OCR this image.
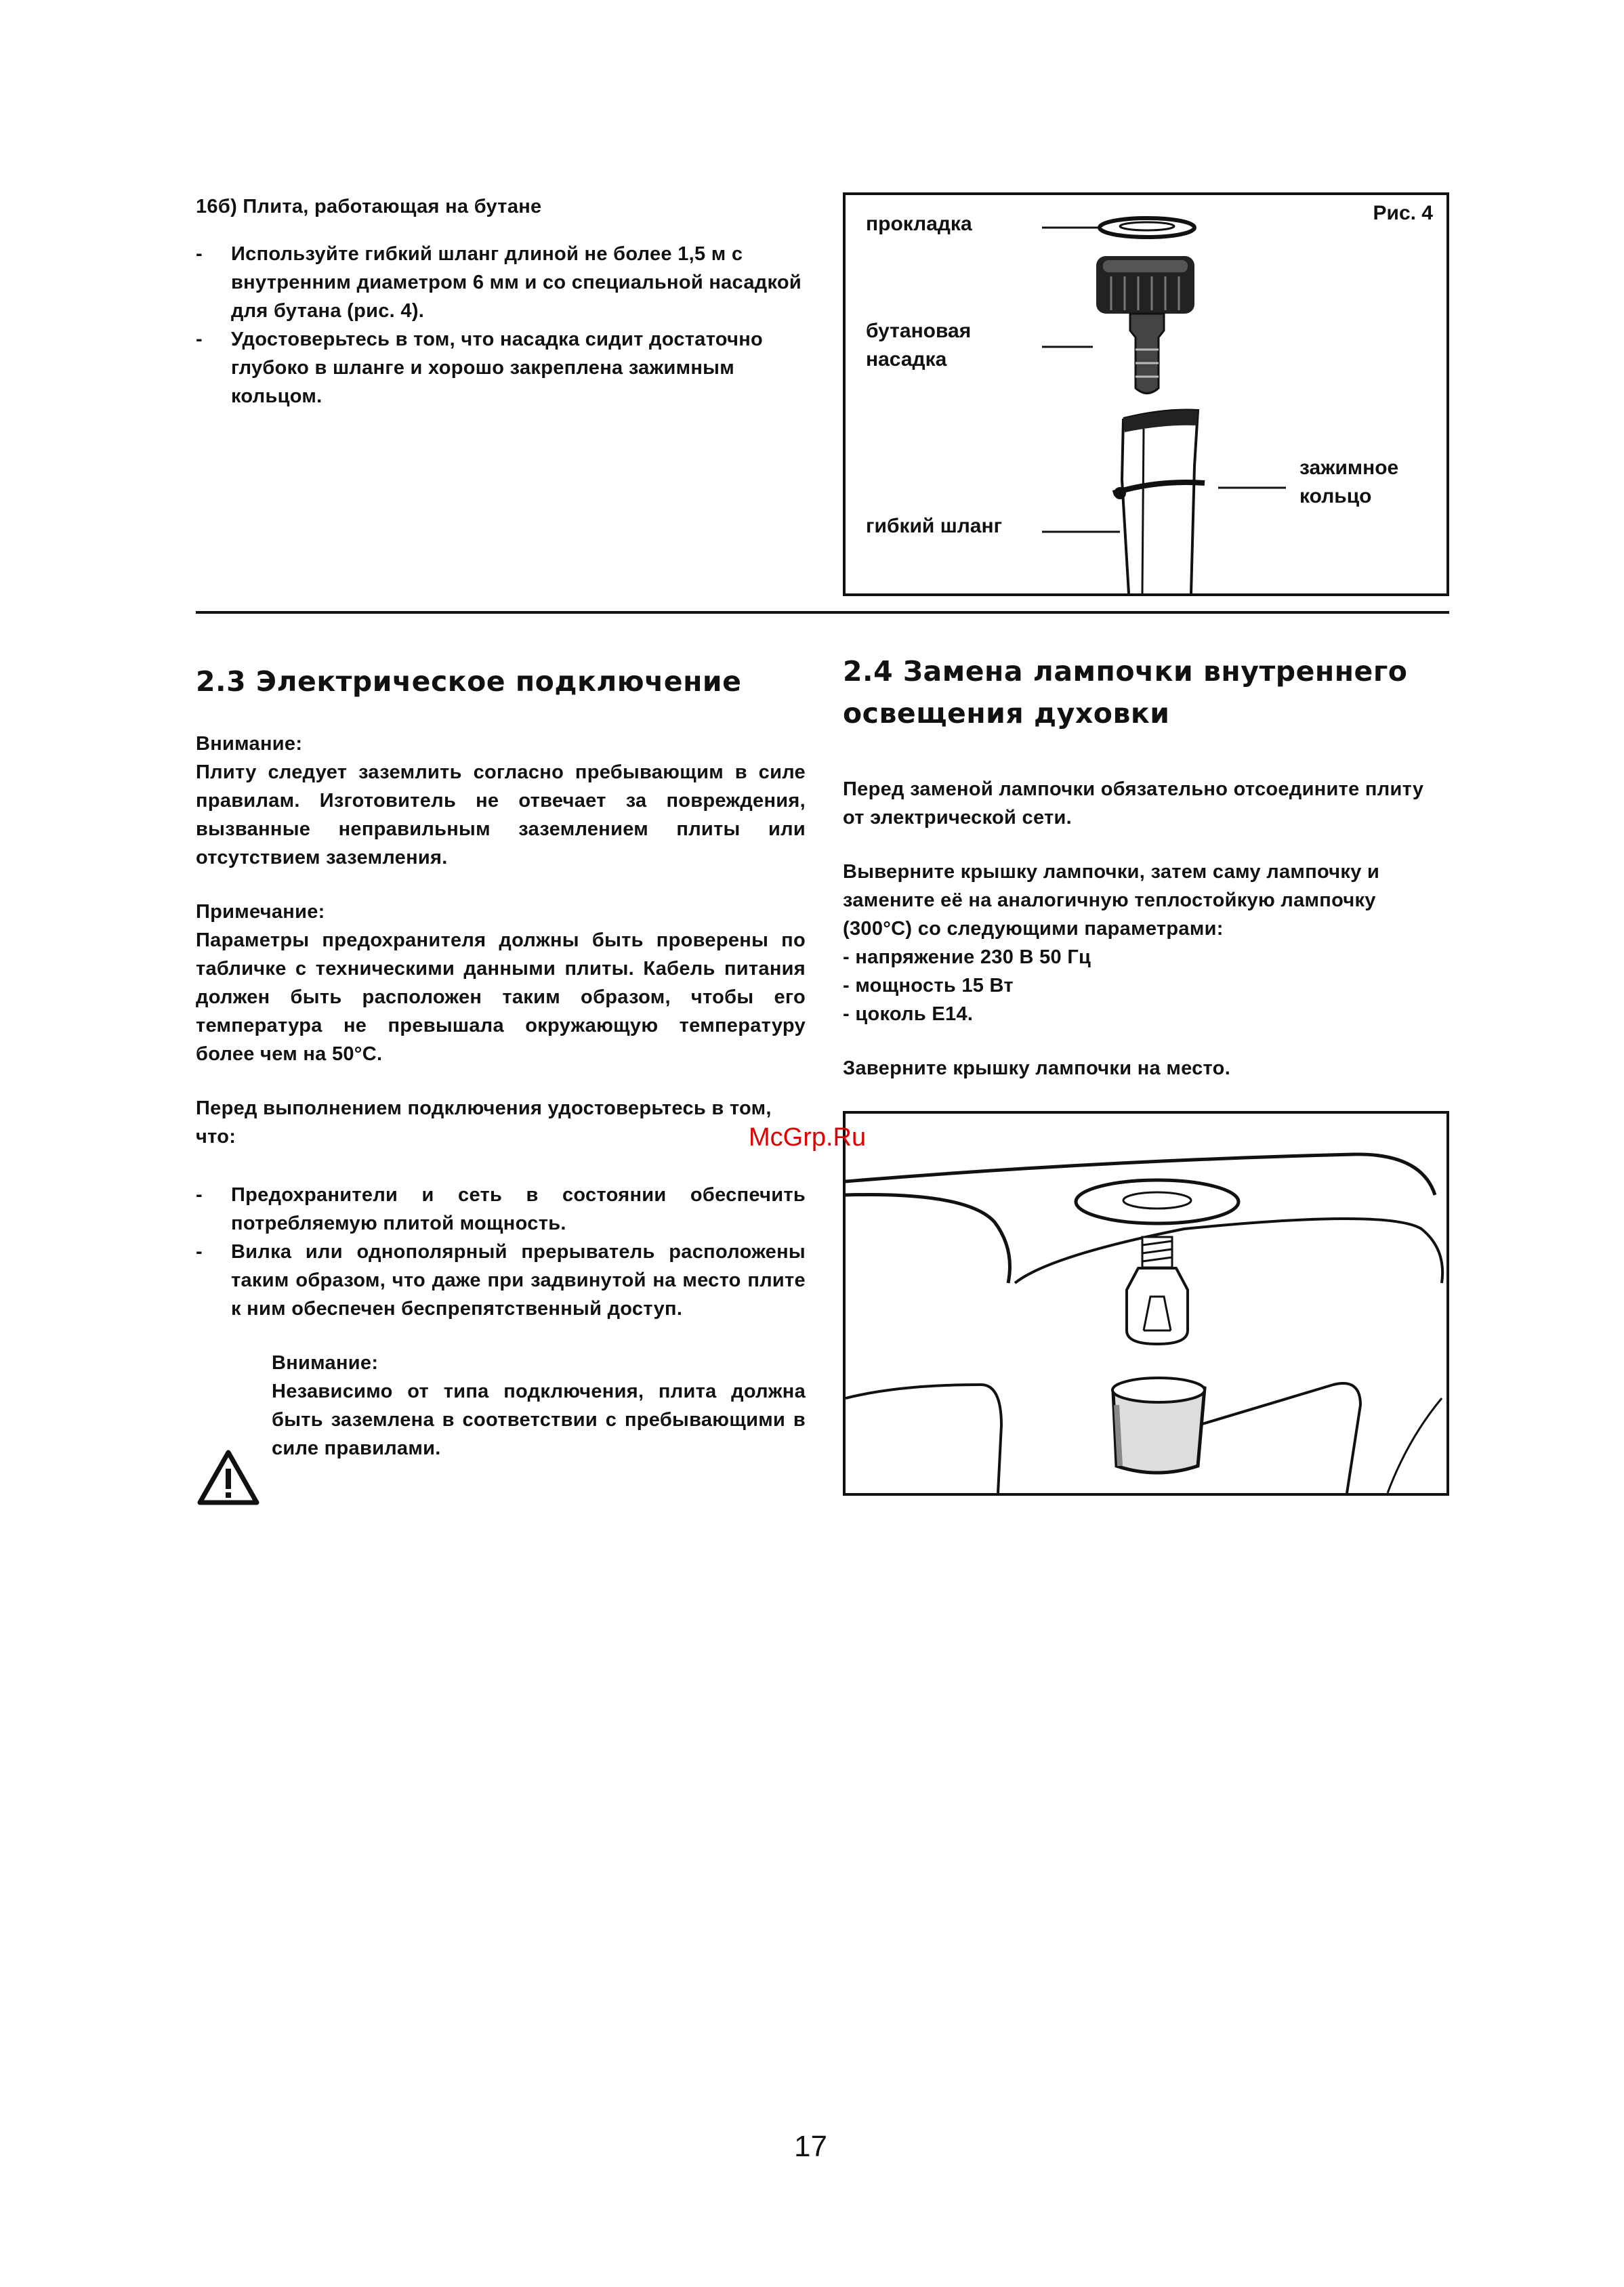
16б) Плита, работающая на бутане

- Используйте гибкий шланг длиной не более 1,5 м с внутренним диаметром 6 мм и со специальной насадкой для бутана (рис. 4).
- Удостоверьтесь в том, что насадка сидит достаточно глубоко в шланге и хорошо закреплена зажимным кольцом.
прокладка	Рис. 4
бутановая насадка
зажимное кольцо
гибкий шланг
2.3 Электрическое подключение

Внимание:

Плиту следует заземлить согласно пребывающим в силе правилам. Изготовитель не отвечает за повреждения, вызванные неправильным заземлением плиты или отсутствием заземления.

Примечание:

Параметры предохранителя должны быть проверены по табличке с техническими данными плиты. Кабель питания должен быть расположен таким образом, чтобы его температура не превышала окружающую температуру более чем на 50°С.

Перед выполнением подключения удостоверьтесь в том, что:
- Предохранители и сеть в состоянии обеспечить потребляемую плитой мощность.
- Вилка или однополярный прерыватель расположены таким образом, что даже при задвинутой на место плите к ним обеспечен беспрепятственный доступ.

Внимание:

Независимо от типа подключения, плита должна быть заземлена в соответствии с пребывающими в силе правилами.

2.4 Замена лампочки внутреннего освещения духовки
Перед заменой лампочки обязательно отсоедините плиту от электрической сети.
Выверните крышку лампочки, затем саму лампочку и замените её на аналогичную теплостойкую лампочку (300°С) со следующими параметрами:

- напряжение 230 В 50 Гц

- мощность 15 Вт

- цоколь Е14.

Заверните крышку лампочки на место.
McGrp.Ru
17
